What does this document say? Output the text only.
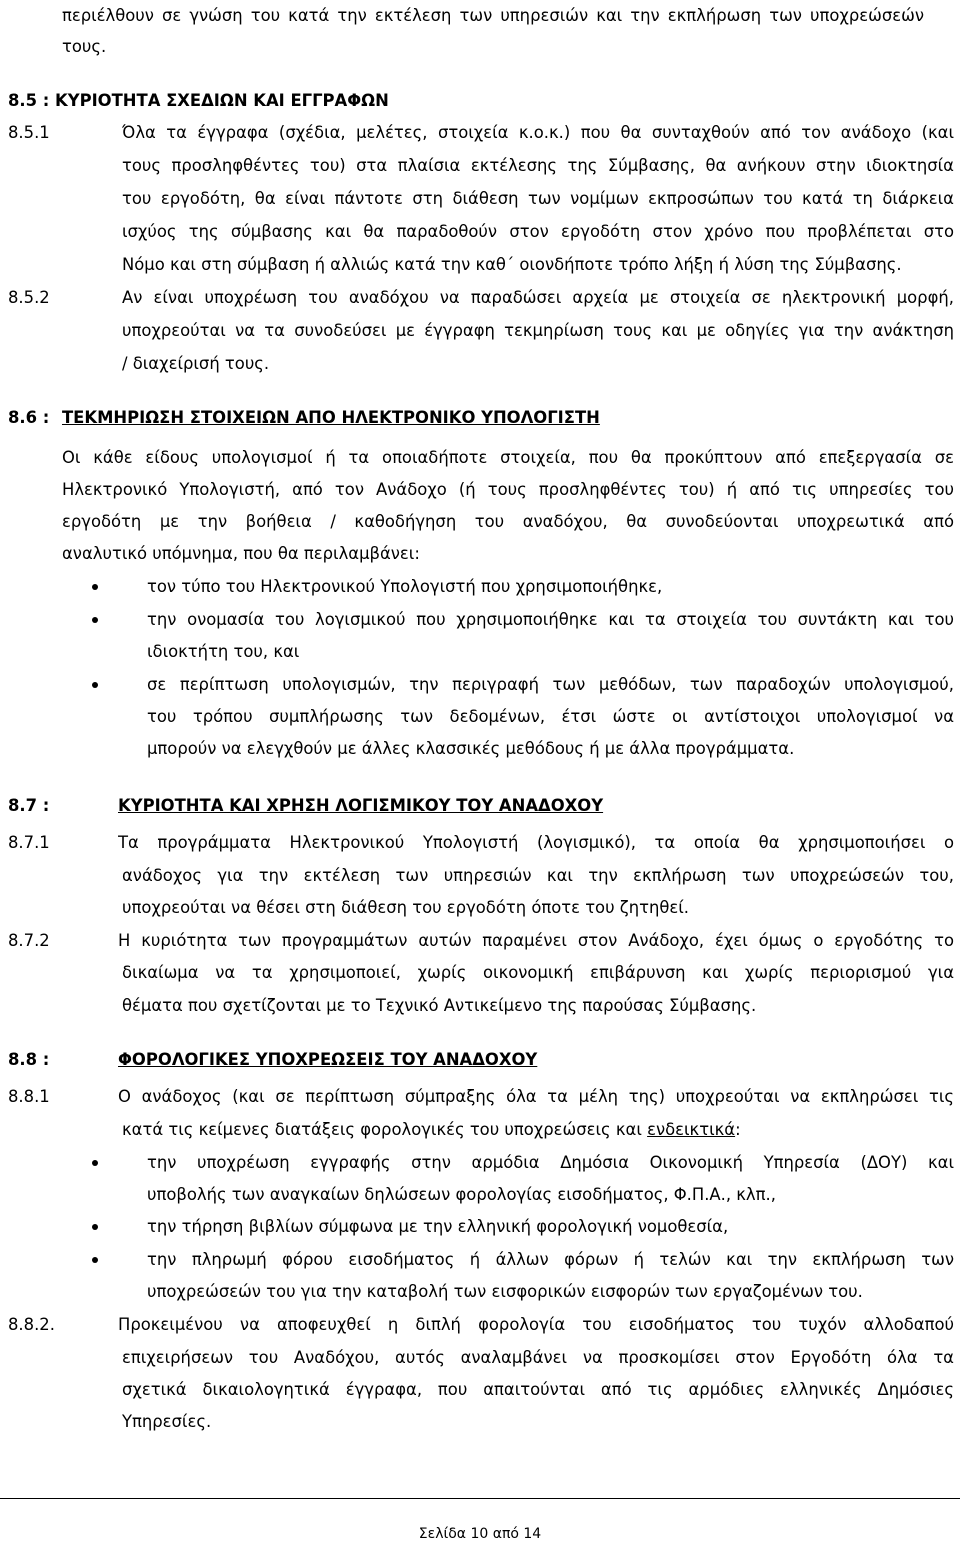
περιέλθουν σε γνώση του κατά την εκτέλεση των υπηρεσιών και την εκπλήρωση των υποχρεώσεών
τους.
8.5 : ΚΥΡΙΟΤΗΤΑ ΣΧΕΔΙΩΝ ΚΑΙ ΕΓΓΡΑΦΩΝ
8.5.1	Όλα τα έγγραφα (σχέδια, μελέτες, στοιχεία κ.ο.κ.) που θα συνταχθούν από τον ανάδοχο (και
τους προσληφθέντες του) στα πλαίσια εκτέλεσης της Σύμβασης, θα ανήκουν στην ιδιοκτησία
του εργοδότη, θα είναι πάντοτε στη διάθεση των νομίμων εκπροσώπων του κατά τη διάρκεια
ισχύος της σύμβασης και θα παραδοθούν στον εργοδότη στον χρόνο που προβλέπεται στο
Νόμο και στη σύμβαση ή αλλιώς κατά την καθ΄ οιονδήποτε τρόπο λήξη ή λύση της Σύμβασης.
8.5.2	Αν είναι υποχρέωση του αναδόχου να παραδώσει αρχεία με στοιχεία σε ηλεκτρονική μορφή,
υποχρεούται να τα συνοδεύσει με έγγραφη τεκμηρίωση τους και με οδηγίες για την ανάκτηση
/ διαχείρισή τους.
8.6 : ΤΕΚΜΗΡΙΩΣΗ ΣΤΟΙΧΕΙΩΝ ΑΠΟ ΗΛΕΚΤΡΟΝΙΚΟ ΥΠΟΛΟΓΙΣΤΗ
Οι κάθε είδους υπολογισμοί ή τα οποιαδήποτε στοιχεία, που θα προκύπτουν από επεξεργασία σε
Ηλεκτρονικό Υπολογιστή, από τον Ανάδοχο (ή τους προσληφθέντες του) ή από τις υπηρεσίες του
εργοδότη με την βοήθεια / καθοδήγηση του αναδόχου, θα συνοδεύονται υποχρεωτικά από
αναλυτικό υπόμνημα, που θα περιλαμβάνει:
τον τύπο του Ηλεκτρονικού Υπολογιστή που χρησιμοποιήθηκε,
την ονομασία του λογισμικού που χρησιμοποιήθηκε και τα στοιχεία του συντάκτη και του
ιδιοκτήτη του, και
σε περίπτωση υπολογισμών, την περιγραφή των μεθόδων, των παραδοχών υπολογισμού,
του τρόπου συμπλήρωσης των δεδομένων, έτσι ώστε οι αντίστοιχοι υπολογισμοί να
μπορούν να ελεγχθούν με άλλες κλασσικές μεθόδους ή με άλλα προγράμματα.
8.7 :	ΚΥΡΙΟΤΗΤΑ ΚΑΙ ΧΡΗΣΗ ΛΟΓΙΣΜΙΚΟΥ ΤΟΥ ΑΝΑΔΟΧΟΥ
8.7.1	Τα προγράμματα Ηλεκτρονικού Υπολογιστή (λογισμικό), τα οποία θα χρησιμοποιήσει ο
ανάδοχος για την εκτέλεση των υπηρεσιών και την εκπλήρωση των υποχρεώσεών του,
υποχρεούται να θέσει στη διάθεση του εργοδότη όποτε του ζητηθεί.
8.7.2	Η κυριότητα των προγραμμάτων αυτών παραμένει στον Ανάδοχο, έχει όμως ο εργοδότης το
δικαίωμα να τα χρησιμοποιεί, χωρίς οικονομική επιβάρυνση και χωρίς περιορισμού για
θέματα που σχετίζονται με το Τεχνικό Αντικείμενο της παρούσας Σύμβασης.
8.8 :	ΦΟΡΟΛΟΓΙΚΕΣ ΥΠΟΧΡΕΩΣΕΙΣ ΤΟΥ ΑΝΑΔΟΧΟΥ
8.8.1	Ο ανάδοχος (και σε περίπτωση σύμπραξης όλα τα μέλη της) υποχρεούται να εκπληρώσει τις
κατά τις κείμενες διατάξεις φορολογικές του υποχρεώσεις και ενδεικτικά:
την υποχρέωση εγγραφής στην αρμόδια Δημόσια Οικονομική Υπηρεσία (ΔΟΥ) και
υποβολής των αναγκαίων δηλώσεων φορολογίας εισοδήματος, Φ.Π.Α., κλπ.,
την τήρηση βιβλίων σύμφωνα με την ελληνική φορολογική νομοθεσία,
την πληρωμή φόρου εισοδήματος ή άλλων φόρων ή τελών και την εκπλήρωση των
υποχρεώσεών του για την καταβολή των εισφορικών εισφορών των εργαζομένων του.
8.8.2.	Προκειμένου να αποφευχθεί η διπλή φορολογία του εισοδήματος του τυχόν αλλοδαπού
επιχειρήσεων του Αναδόχου, αυτός αναλαμβάνει να προσκομίσει στον Εργοδότη όλα τα
σχετικά δικαιολογητικά έγγραφα, που απαιτούνται από τις αρμόδιες ελληνικές Δημόσιες
Υπηρεσίες.
Σελίδα 10 από 14
